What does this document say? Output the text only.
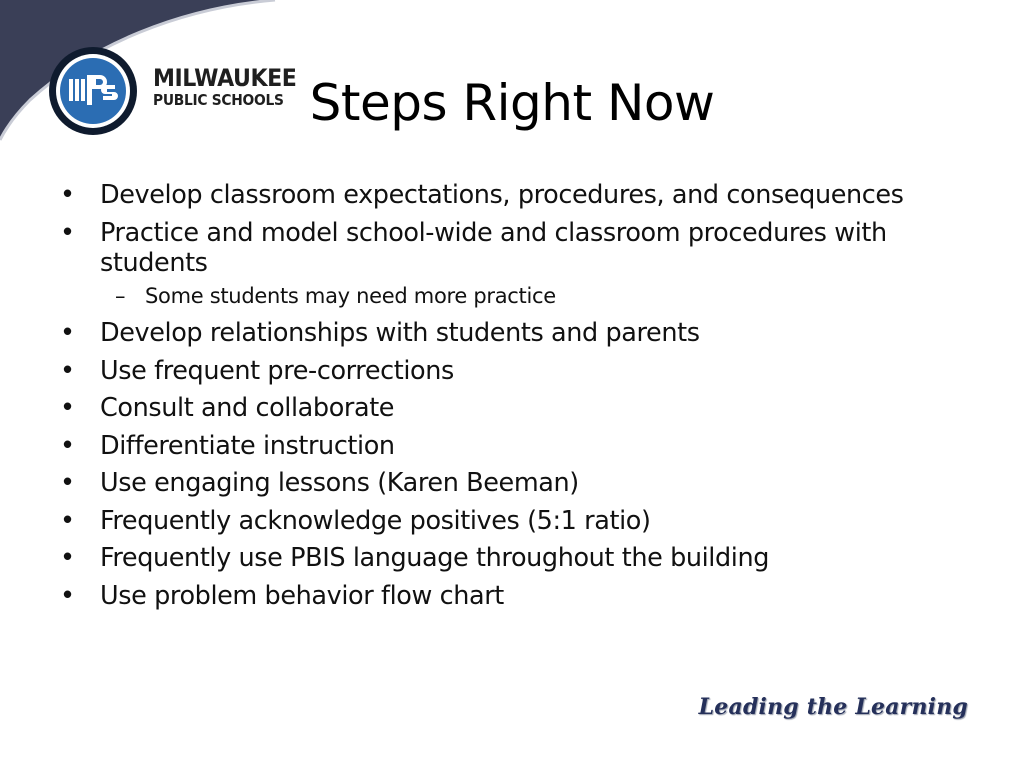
MILWAUKEE
PUBLIC SCHOOLS Steps Right Now
• Develop classroom expectations, procedures, and consequences
• Practice and model school-wide and classroom procedures with students
– Some students may need more practice
• Develop relationships with students and parents
• Use frequent pre-corrections
• Consult and collaborate
• Differentiate instruction
• Use engaging lessons (Karen Beeman)
• Frequently acknowledge positives (5:1 ratio)
• Frequently use PBIS language throughout the building
• Use problem behavior flow chart
Leading the Learning
